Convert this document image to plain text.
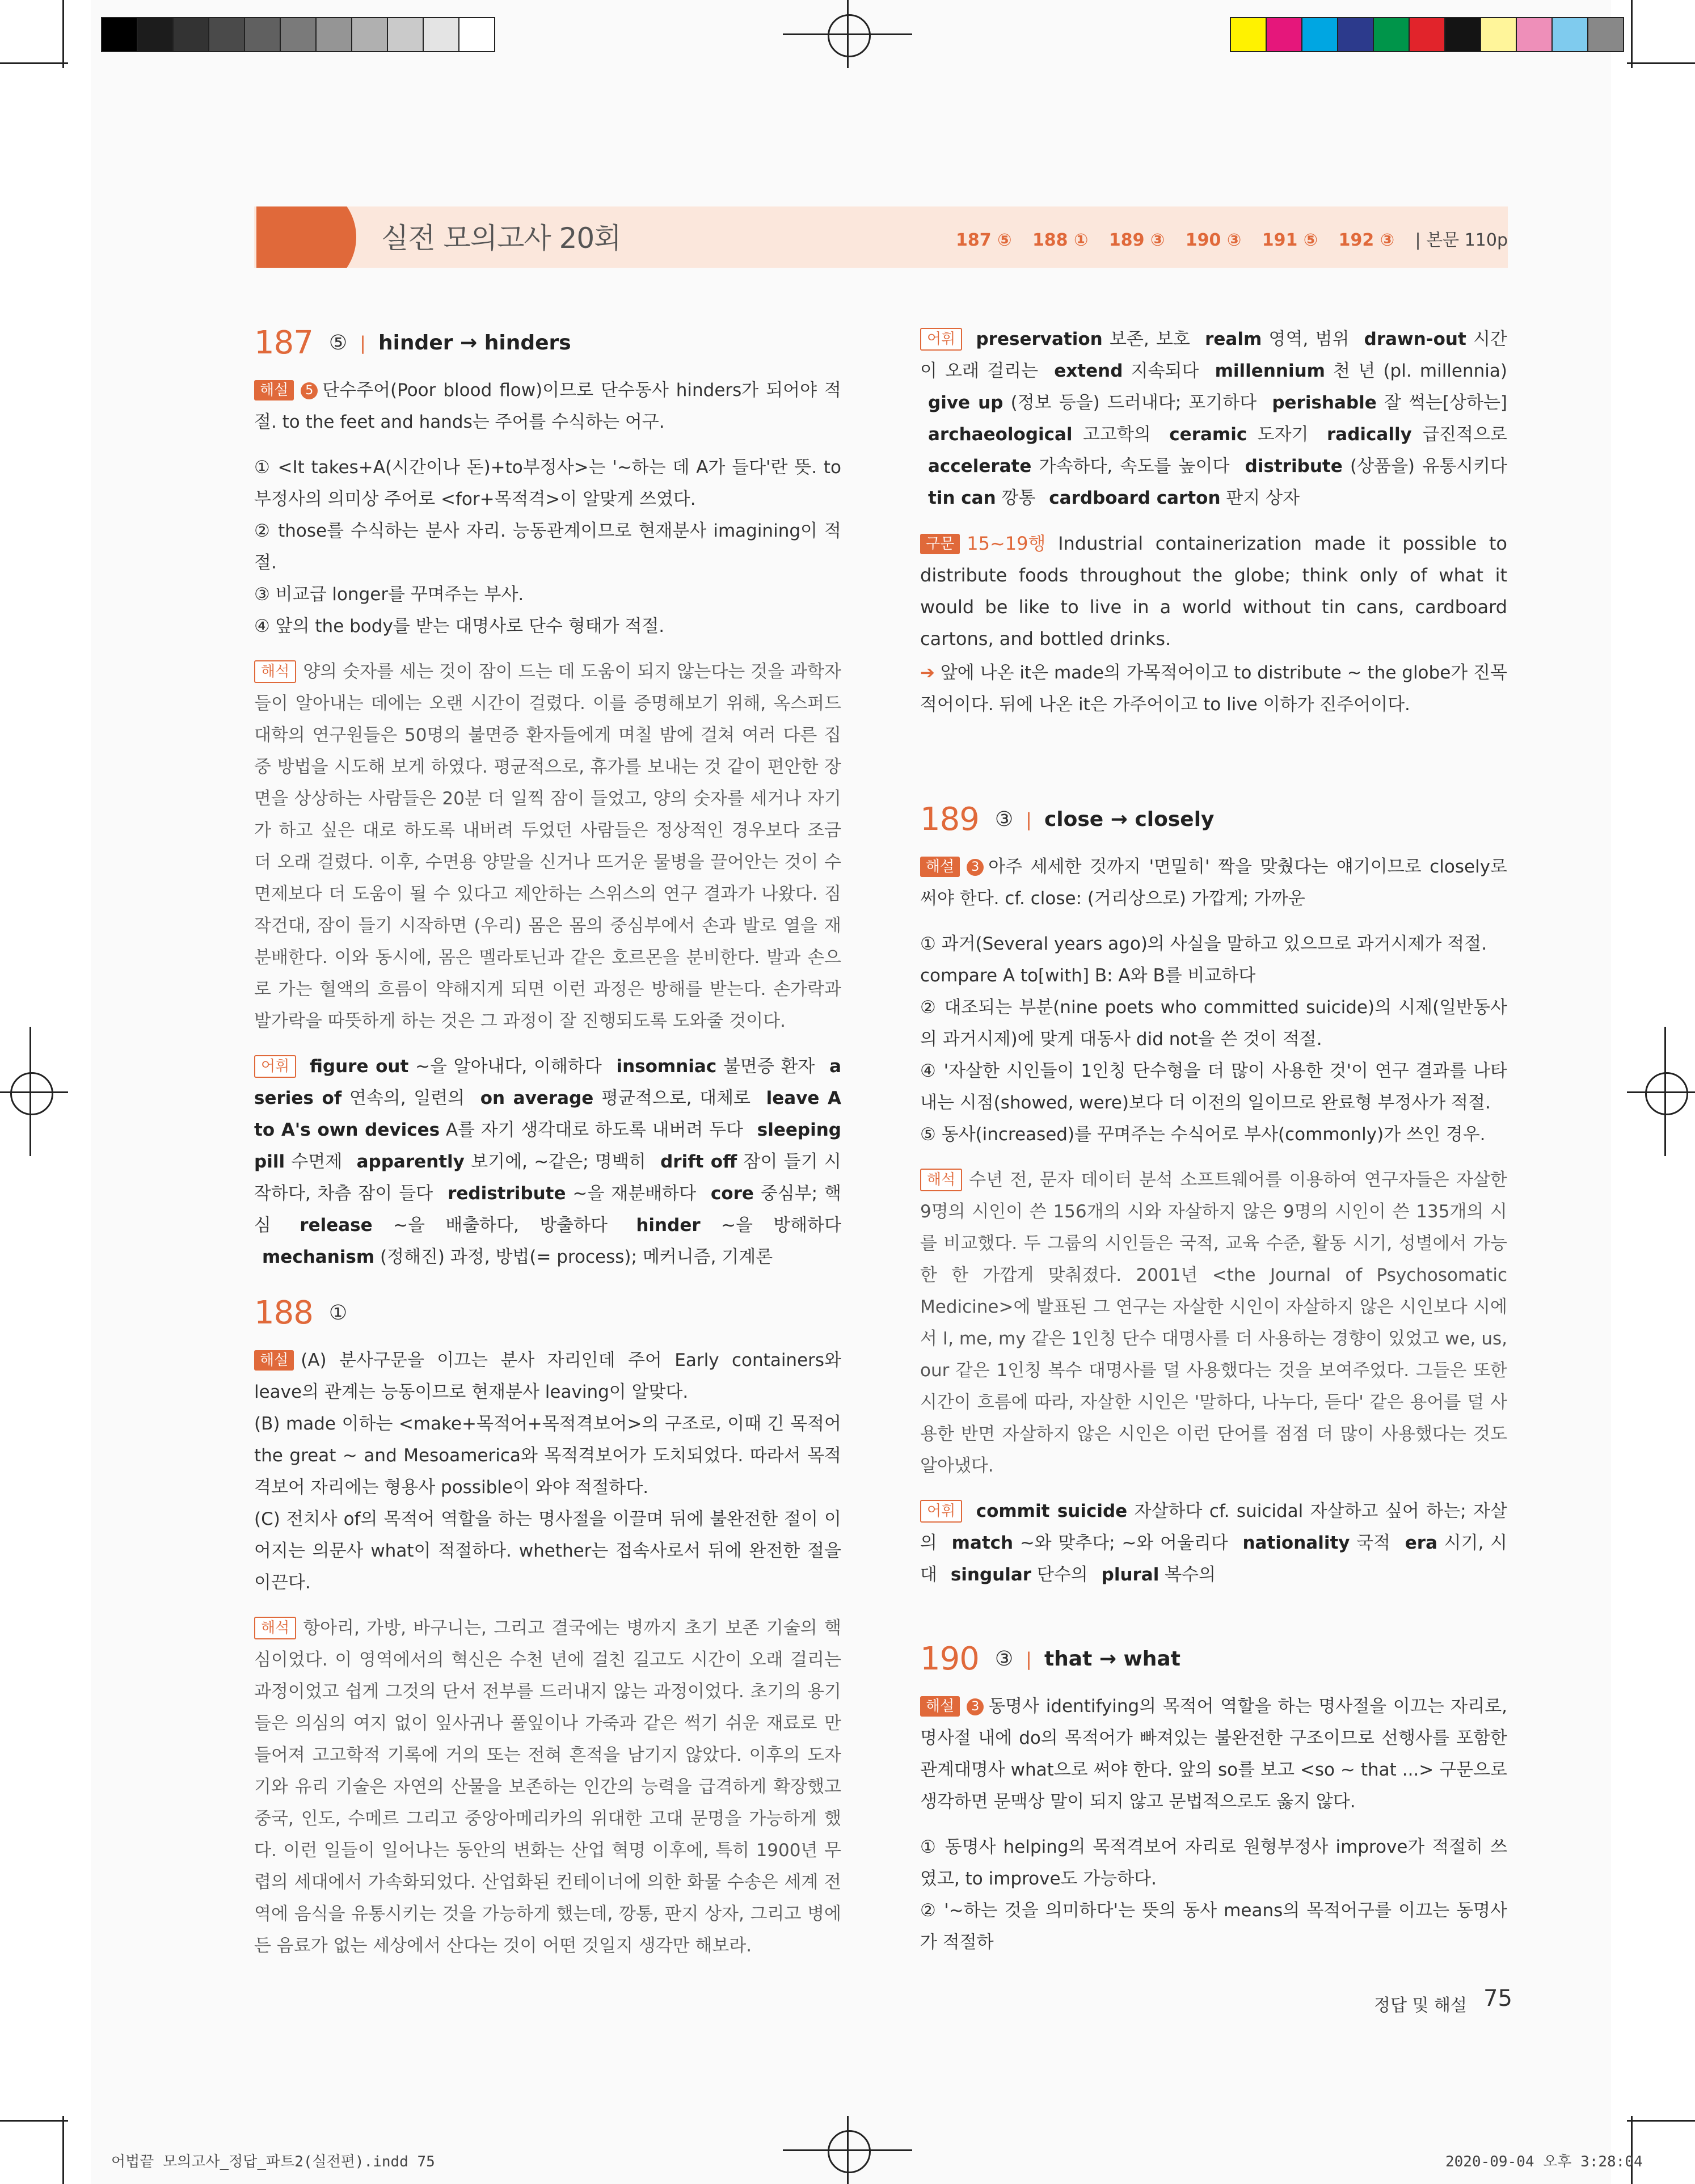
실전 모의고사 20회	187 ⑤ 188 ① 189 ③ 190 ③ 191 ⑤ 192 ③ | 본문 110p
187 ⑤ | hinder → hinders

해설 5 단수주어(Poor blood flow)이므로 단수동사 hinders가 되어야 적절. to the feet and hands는 주어를 수식하는 어구.

① <It takes+A(시간이나 돈)+to부정사>는 '~하는 데 A가 들다'란 뜻. to부정사의 의미상 주어로 <for+목적격>이 알맞게 쓰였다.

② those를 수식하는 분사 자리. 능동관계이므로 현재분사 imagining이 적절.

③ 비교급 longer를 꾸며주는 부사.

④ 앞의 the body를 받는 대명사로 단수 형태가 적절.

해석 양의 숫자를 세는 것이 잠이 드는 데 도움이 되지 않는다는 것을 과학자들이 알아내는 데에는 오랜 시간이 걸렸다. 이를 증명해보기 위해, 옥스퍼드 대학의 연구원들은 50명의 불면증 환자들에게 며칠 밤에 걸쳐 여러 다른 집중 방법을 시도해 보게 하였다. 평균적으로, 휴가를 보내는 것 같이 편안한 장면을 상상하는 사람들은 20분 더 일찍 잠이 들었고, 양의 숫자를 세거나 자기가 하고 싶은 대로 하도록 내버려 두었던 사람들은 정상적인 경우보다 조금 더 오래 걸렸다. 이후, 수면용 양말을 신거나 뜨거운 물병을 끌어안는 것이 수면제보다 더 도움이 될 수 있다고 제안하는 스위스의 연구 결과가 나왔다. 짐작건대, 잠이 들기 시작하면 (우리) 몸은 몸의 중심부에서 손과 발로 열을 재분배한다. 이와 동시에, 몸은 멜라토닌과 같은 호르몬을 분비한다. 발과 손으로 가는 혈액의 흐름이 약해지게 되면 이런 과정은 방해를 받는다. 손가락과 발가락을 따뜻하게 하는 것은 그 과정이 잘 진행되도록 도와줄 것이다.

어휘 figure out ~을 알아내다, 이해하다 insomniac 불면증 환자 a series of 연속의, 일련의 on average 평균적으로, 대체로 leave A to A's own devices A를 자기 생각대로 하도록 내버려 두다 sleeping pill 수면제 apparently 보기에, ~같은; 명백히 drift off 잠이 들기 시작하다, 차츰 잠이 들다 redistribute ~을 재분배하다 core 중심부; 핵심 release ~을 배출하다, 방출하다 hinder ~을 방해하다 mechanism (정해진) 과정, 방법(= process); 메커니즘, 기계론

188 ①

해설 (A) 분사구문을 이끄는 분사 자리인데 주어 Early containers와 leave의 관계는 능동이므로 현재분사 leaving이 알맞다.

(B) made 이하는 <make+목적어+목적격보어>의 구조로, 이때 긴 목적어 the great ~ and Mesoamerica와 목적격보어가 도치되었다. 따라서 목적격보어 자리에는 형용사 possible이 와야 적절하다.

(C) 전치사 of의 목적어 역할을 하는 명사절을 이끌며 뒤에 불완전한 절이 이어지는 의문사 what이 적절하다. whether는 접속사로서 뒤에 완전한 절을 이끈다.

해석 항아리, 가방, 바구니는, 그리고 결국에는 병까지 초기 보존 기술의 핵심이었다. 이 영역에서의 혁신은 수천 년에 걸친 길고도 시간이 오래 걸리는 과정이었고 쉽게 그것의 단서 전부를 드러내지 않는 과정이었다. 초기의 용기들은 의심의 여지 없이 잎사귀나 풀잎이나 가죽과 같은 썩기 쉬운 재료로 만들어져 고고학적 기록에 거의 또는 전혀 흔적을 남기지 않았다. 이후의 도자기와 유리 기술은 자연의 산물을 보존하는 인간의 능력을 급격하게 확장했고 중국, 인도, 수메르 그리고 중앙아메리카의 위대한 고대 문명을 가능하게 했다. 이런 일들이 일어나는 동안의 변화는 산업 혁명 이후에, 특히 1900년 무렵의 세대에서 가속화되었다. 산업화된 컨테이너에 의한 화물 수송은 세계 전역에 음식을 유통시키는 것을 가능하게 했는데, 깡통, 판지 상자, 그리고 병에 든 음료가 없는 세상에서 산다는 것이 어떤 것일지 생각만 해보라.

어휘 preservation 보존, 보호 realm 영역, 범위 drawn-out 시간이 오래 걸리는 extend 지속되다 millennium 천 년 (pl. millennia) give up (정보 등을) 드러내다; 포기하다 perishable 잘 썩는[상하는] archaeological 고고학의 ceramic 도자기 radically 급진적으로 accelerate 가속하다, 속도를 높이다 distribute (상품을) 유통시키다 tin can 깡통 cardboard carton 판지 상자

구문 15~19행 Industrial containerization made it possible to distribute foods throughout the globe; think only of what it would be like to live in a world without tin cans, cardboard cartons, and bottled drinks.

➔ 앞에 나온 it은 made의 가목적어이고 to distribute ~ the globe가 진목적어이다. 뒤에 나온 it은 가주어이고 to live 이하가 진주어이다.

189 ③ | close → closely

해설 3 아주 세세한 것까지 '면밀히' 짝을 맞췄다는 얘기이므로 closely로 써야 한다. cf. close: (거리상으로) 가깝게; 가까운

① 과거(Several years ago)의 사실을 말하고 있으므로 과거시제가 적절.

compare A to[with] B: A와 B를 비교하다

② 대조되는 부분(nine poets who committed suicide)의 시제(일반동사의 과거시제)에 맞게 대동사 did not을 쓴 것이 적절.

④ '자살한 시인들이 1인칭 단수형을 더 많이 사용한 것'이 연구 결과를 나타내는 시점(showed, were)보다 더 이전의 일이므로 완료형 부정사가 적절.

⑤ 동사(increased)를 꾸며주는 수식어로 부사(commonly)가 쓰인 경우.

해석 수년 전, 문자 데이터 분석 소프트웨어를 이용하여 연구자들은 자살한 9명의 시인이 쓴 156개의 시와 자살하지 않은 9명의 시인이 쓴 135개의 시를 비교했다. 두 그룹의 시인들은 국적, 교육 수준, 활동 시기, 성별에서 가능한 한 가깝게 맞춰졌다. 2001년 <the Journal of Psychosomatic Medicine>에 발표된 그 연구는 자살한 시인이 자살하지 않은 시인보다 시에서 I, me, my 같은 1인칭 단수 대명사를 더 사용하는 경향이 있었고 we, us, our 같은 1인칭 복수 대명사를 덜 사용했다는 것을 보여주었다. 그들은 또한 시간이 흐름에 따라, 자살한 시인은 '말하다, 나누다, 듣다' 같은 용어를 덜 사용한 반면 자살하지 않은 시인은 이런 단어를 점점 더 많이 사용했다는 것도 알아냈다.

어휘 commit suicide 자살하다 cf. suicidal 자살하고 싶어 하는; 자살의 match ~와 맞추다; ~와 어울리다 nationality 국적 era 시기, 시대 singular 단수의 plural 복수의

190 ③ | that → what

해설 3 동명사 identifying의 목적어 역할을 하는 명사절을 이끄는 자리로, 명사절 내에 do의 목적어가 빠져있는 불완전한 구조이므로 선행사를 포함한 관계대명사 what으로 써야 한다. 앞의 so를 보고 <so ~ that ...> 구문으로 생각하면 문맥상 말이 되지 않고 문법적으로도 옳지 않다.

① 동명사 helping의 목적격보어 자리로 원형부정사 improve가 적절히 쓰였고, to improve도 가능하다.

② '~하는 것을 의미하다'는 뜻의 동사 means의 목적어구를 이끄는 동명사가 적절하

정답 및 해설 75
어법끝 모의고사_정답_파트2(실전편).indd 75	2020-09-04 오후 3:28:04
